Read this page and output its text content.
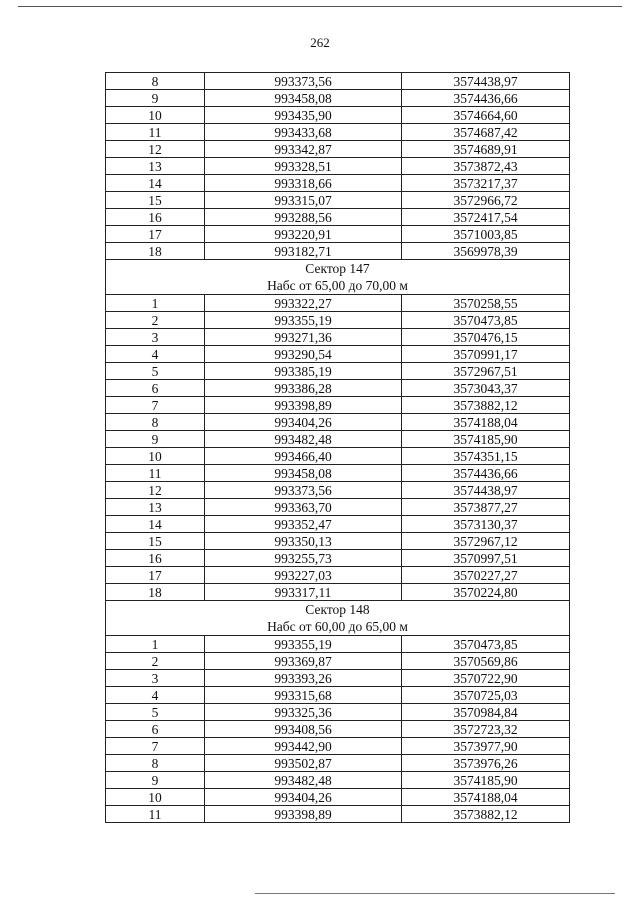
262
8	993373,56	3574438,97
9	993458,08	3574436,66
10	993435,90	3574664,60
11	993433,68	3574687,42
12	993342,87	3574689,91
13	993328,51	3573872,43
14	993318,66	3573217,37
15	993315,07	3572966,72
16	993288,56	3572417,54
17	993220,91	3571003,85
18	993182,71	3569978,39
Сектор 147		
Набс от 65,00 до 70,00 м		
1	993322,27	3570258,55
2	993355,19	3570473,85
3	993271,36	3570476,15
4	993290,54	3570991,17
5	993385,19	3572967,51
6	993386,28	3573043,37
7	993398,89	3573882,12
8	993404,26	3574188,04
9	993482,48	3574185,90
10	993466,40	3574351,15
11	993458,08	3574436,66
12	993373,56	3574438,97
13	993363,70	3573877,27
14	993352,47	3573130,37
15	993350,13	3572967,12
16	993255,73	3570997,51
17	993227,03	3570227,27
18	993317,11	3570224,80
Сектор 148		
Набс от 60,00 до 65,00 м		
1	993355,19	3570473,85
2	993369,87	3570569,86
3	993393,26	3570722,90
4	993315,68	3570725,03
5	993325,36	3570984,84
6	993408,56	3572723,32
7	993442,90	3573977,90
8	993502,87	3573976,26
9	993482,48	3574185,90
10	993404,26	3574188,04
11	993398,89	3573882,12
